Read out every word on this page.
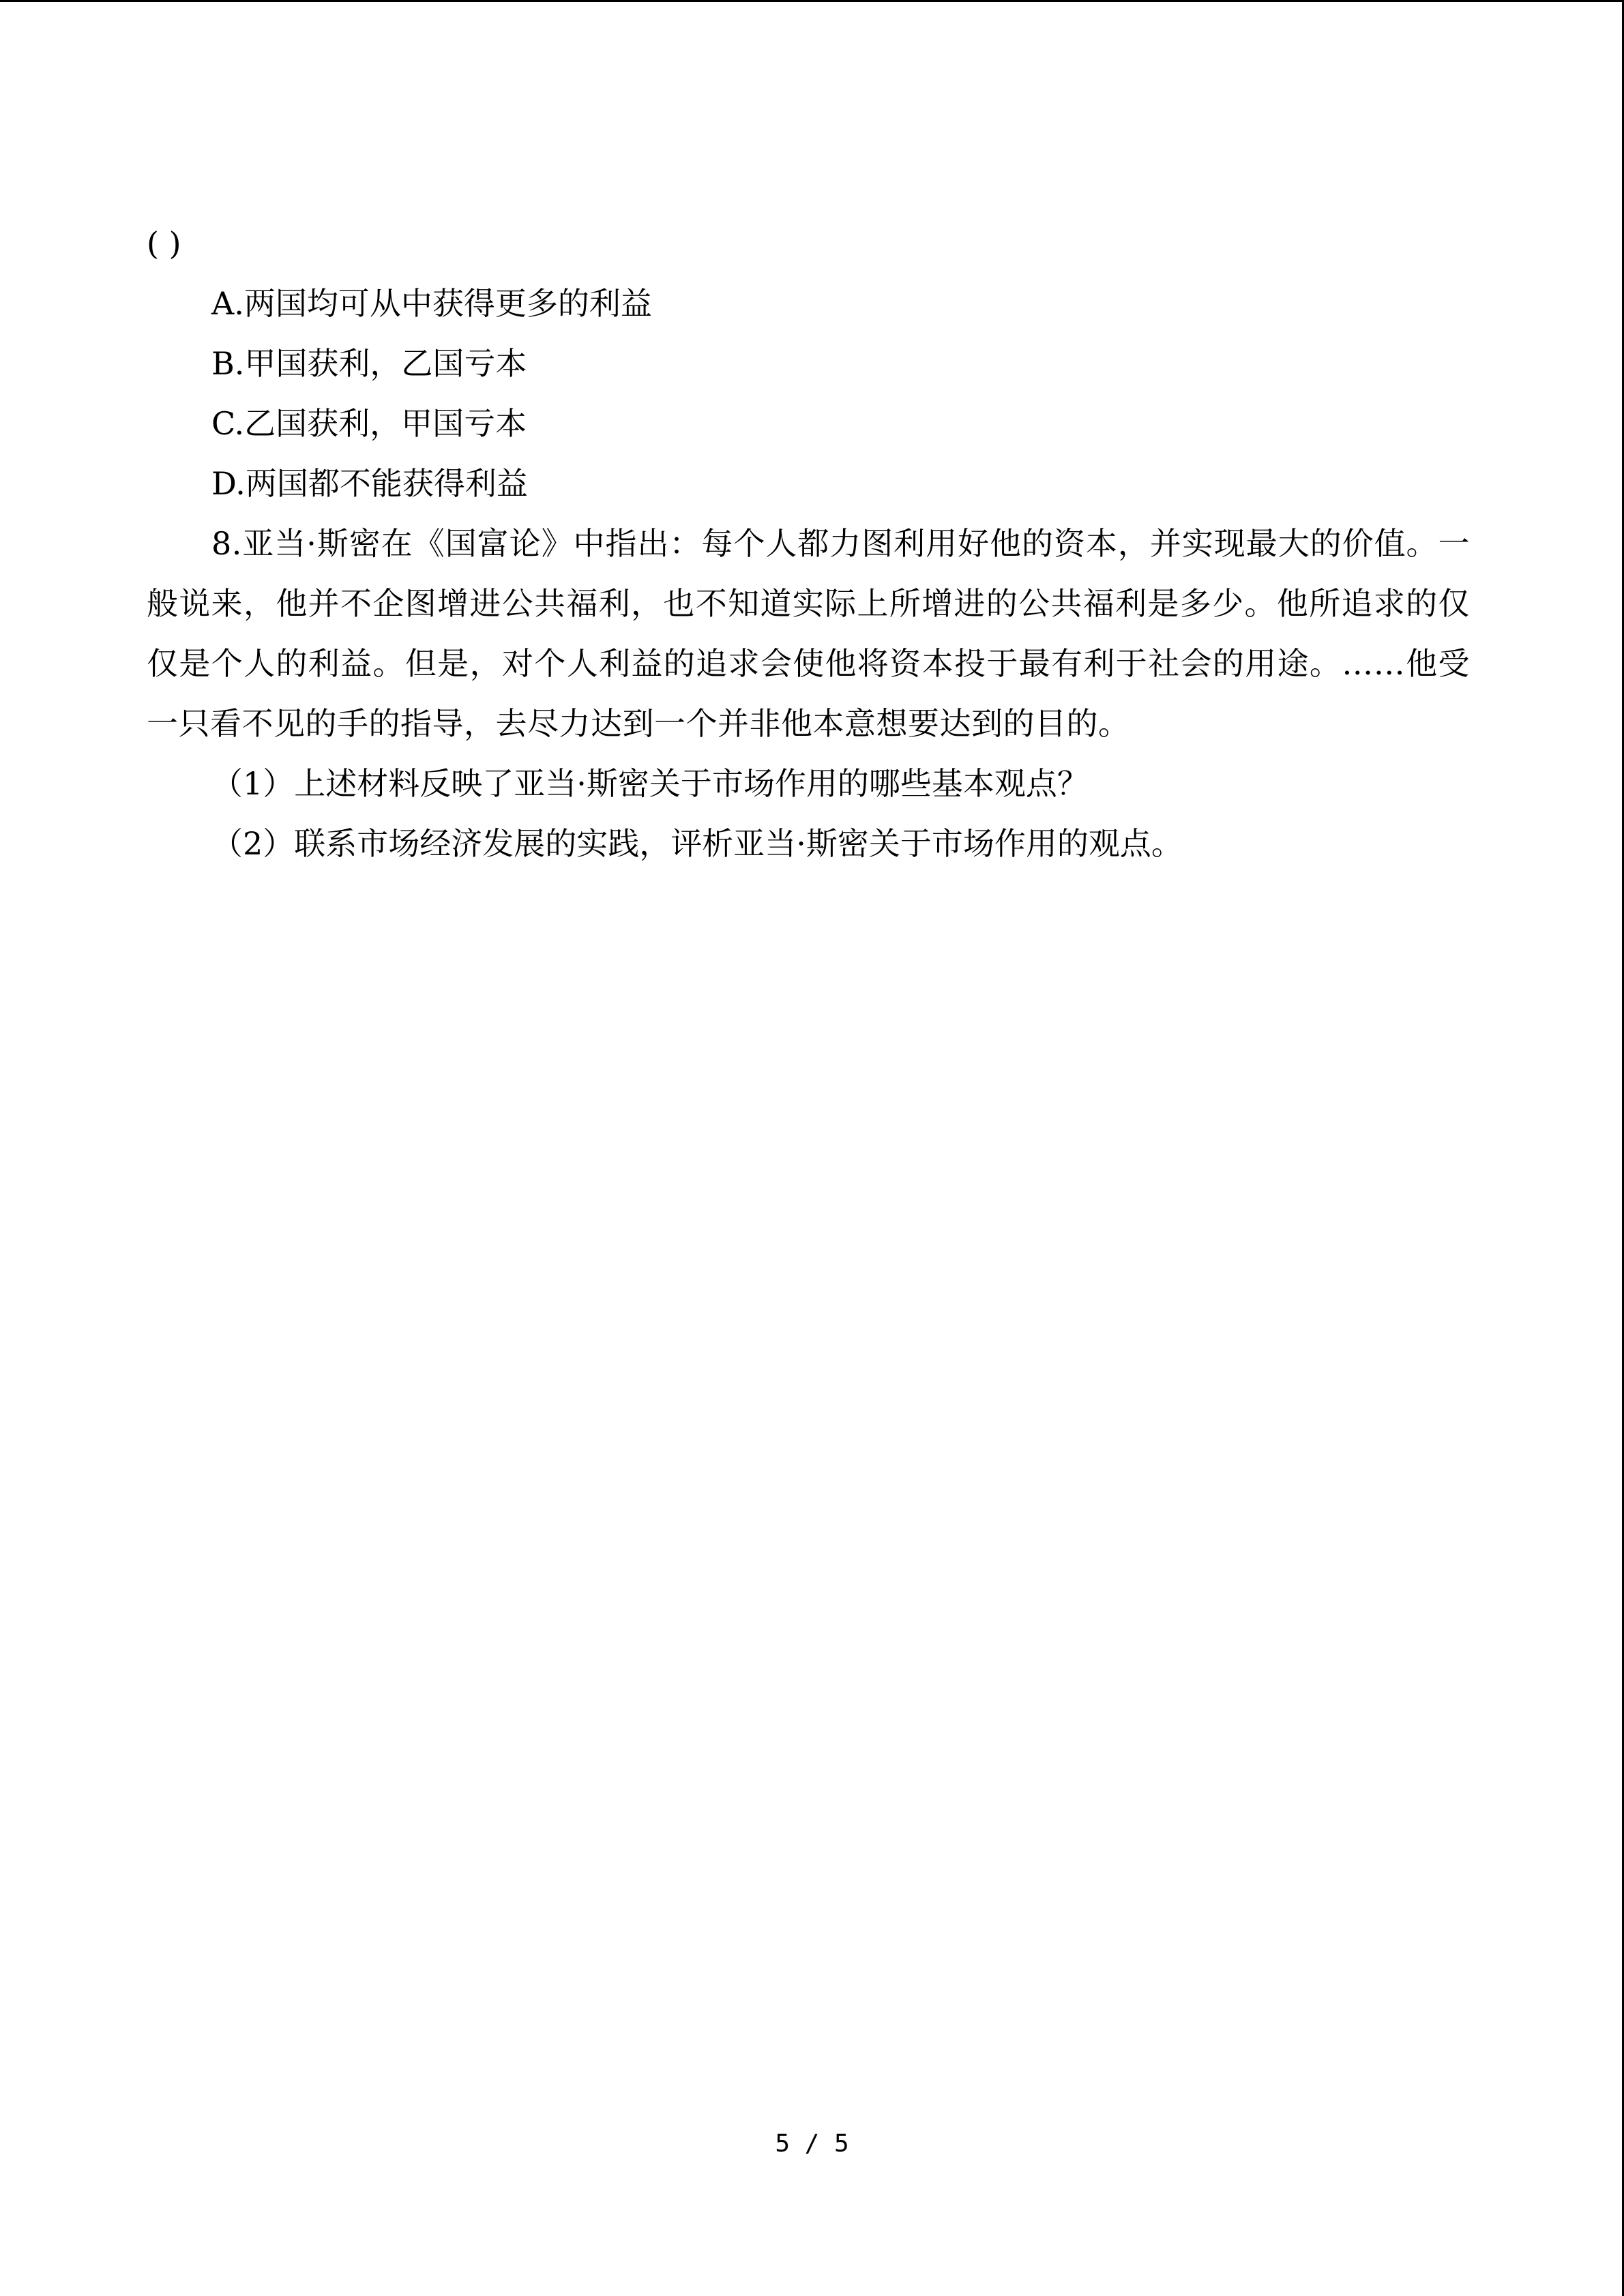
( )
A.两国均可从中获得更多的利益
B.甲国获利，乙国亏本
C.乙国获利，甲国亏本
D.两国都不能获得利益

8.亚当·斯密在《国富论》中指出：每个人都力图利用好他的资本，并实现最大的价值。一般说来，他并不企图增进公共福利，也不知道实际上所增进的公共福利是多少。他所追求的仅仅是个人的利益。但是，对个人利益的追求会使他将资本投于最有利于社会的用途。……他受一只看不见的手的指导，去尽力达到一个并非他本意想要达到的目的。

（1）上述材料反映了亚当·斯密关于市场作用的哪些基本观点？
（2）联系市场经济发展的实践，评析亚当·斯密关于市场作用的观点。
5 / 5
